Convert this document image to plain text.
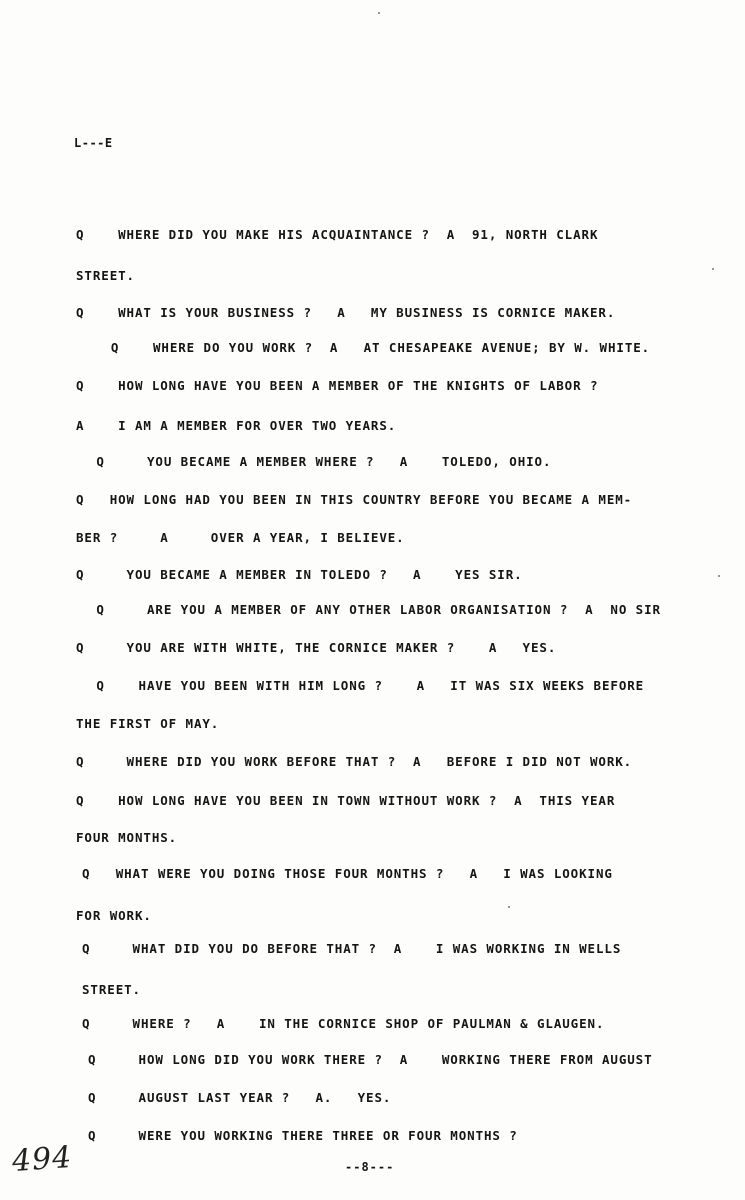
L---E
Q    WHERE DID YOU MAKE HIS ACQUAINTANCE ?  A  91, NORTH CLARK
STREET.
Q    WHAT IS YOUR BUSINESS ?   A   MY BUSINESS IS CORNICE MAKER.
Q    WHERE DO YOU WORK ?  A   AT CHESAPEAKE AVENUE; BY W. WHITE.
Q    HOW LONG HAVE YOU BEEN A MEMBER OF THE KNIGHTS OF LABOR ?
A    I AM A MEMBER FOR OVER TWO YEARS.
Q     YOU BECAME A MEMBER WHERE ?   A    TOLEDO, OHIO.
Q   HOW LONG HAD YOU BEEN IN THIS COUNTRY BEFORE YOU BECAME A MEM-
BER ?     A     OVER A YEAR, I BELIEVE.
Q     YOU BECAME A MEMBER IN TOLEDO ?   A    YES SIR.
Q     ARE YOU A MEMBER OF ANY OTHER LABOR ORGANISATION ?  A  NO SIR
Q     YOU ARE WITH WHITE, THE CORNICE MAKER ?    A   YES.
Q    HAVE YOU BEEN WITH HIM LONG ?    A   IT WAS SIX WEEKS BEFORE
THE FIRST OF MAY.
Q     WHERE DID YOU WORK BEFORE THAT ?  A   BEFORE I DID NOT WORK.
Q    HOW LONG HAVE YOU BEEN IN TOWN WITHOUT WORK ?  A  THIS YEAR
FOUR MONTHS.
Q   WHAT WERE YOU DOING THOSE FOUR MONTHS ?   A   I WAS LOOKING
FOR WORK.
Q     WHAT DID YOU DO BEFORE THAT ?  A    I WAS WORKING IN WELLS
STREET.
Q     WHERE ?   A    IN THE CORNICE SHOP OF PAULMAN & GLAUGEN.
Q     HOW LONG DID YOU WORK THERE ?  A    WORKING THERE FROM AUGUST
Q     AUGUST LAST YEAR ?   A.   YES.
Q     WERE YOU WORKING THERE THREE OR FOUR MONTHS ?
494	--8---
